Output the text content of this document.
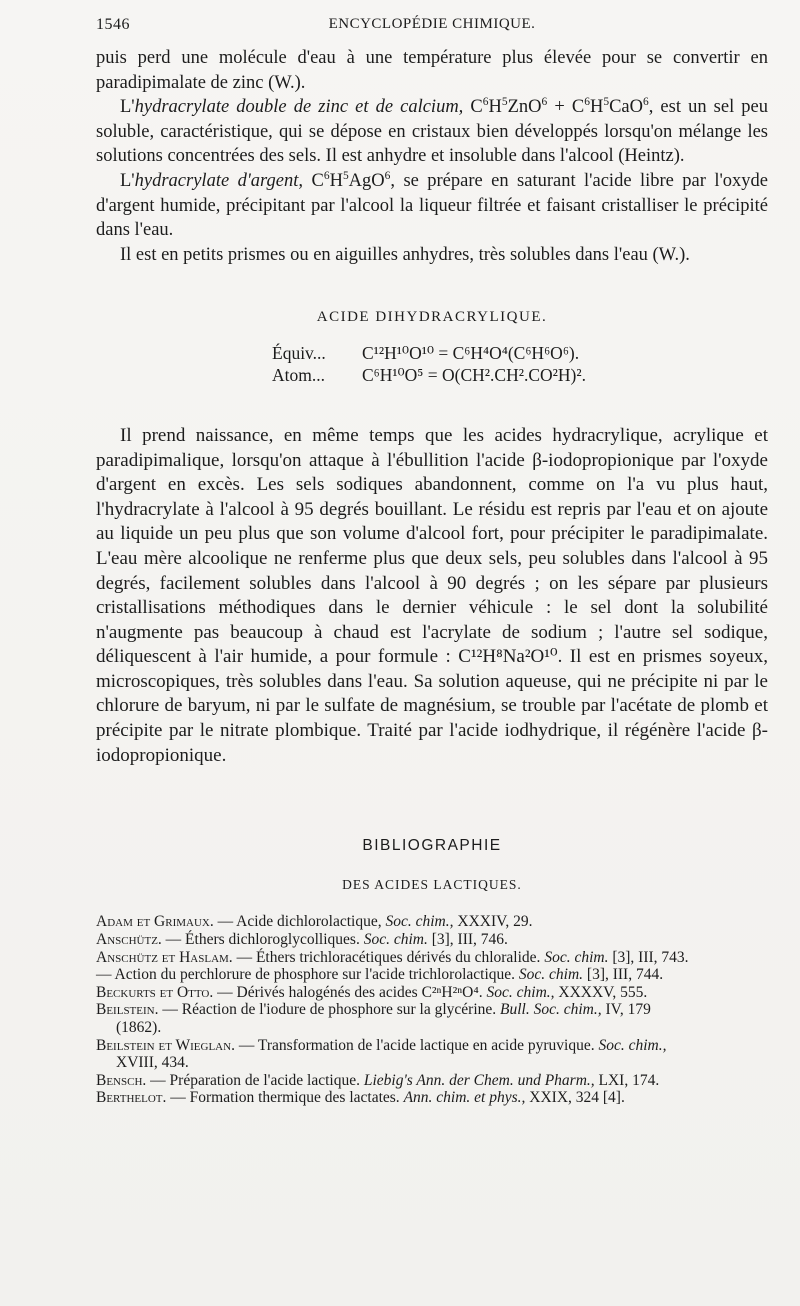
1546	ENCYCLOPÉDIE CHIMIQUE.

puis perd une molécule d'eau à une température plus élevée pour se convertir en paradipimalate de zinc (W.).

L'hydracrylate double de zinc et de calcium, $C^6H^5ZnO^6 + C^6H^5CaO^6$, est un sel peu soluble, caractéristique, qui se dépose en cristaux bien développés lorsqu'on mélange les solutions concentrées des sels. Il est anhydre et insoluble dans l'alcool (Heintz).

L'hydracrylate d'argent, $C^6H^5AgO^6$, se prépare en saturant l'acide libre par l'oxyde d'argent humide, précipitant par l'alcool la liqueur filtrée et faisant cristalliser le précipité dans l'eau.

Il est en petits prismes ou en aiguilles anhydres, très solubles dans l'eau (W.).

ACIDE DIHYDRACRYLIQUE.
Équiv... C¹²H¹⁰O¹⁰ = C⁶H⁴O⁴(C⁶H⁶O⁶).
Atom... C⁶H¹⁰O⁵ = O(CH².CH².CO²H)².

Il prend naissance, en même temps que les acides hydracrylique, acrylique et paradipimalique, lorsqu'on attaque à l'ébullition l'acide β-iodopropionique par l'oxyde d'argent en excès. Les sels sodiques abandonnent, comme on l'a vu plus haut, l'hydracrylate à l'alcool à 95 degrés bouillant. Le résidu est repris par l'eau et on ajoute au liquide un peu plus que son volume d'alcool fort, pour précipiter le paradipimalate. L'eau mère alcoolique ne renferme plus que deux sels, peu solubles dans l'alcool à 95 degrés, facilement solubles dans l'alcool à 90 degrés ; on les sépare par plusieurs cristallisations méthodiques dans le dernier véhicule : le sel dont la solubilité n'augmente pas beaucoup à chaud est l'acrylate de sodium ; l'autre sel sodique, déliquescent à l'air humide, a pour formule : C¹²H⁸Na²O¹⁰. Il est en prismes soyeux, microscopiques, très solubles dans l'eau. Sa solution aqueuse, qui ne précipite ni par le chlorure de baryum, ni par le sulfate de magnésium, se trouble par l'acétate de plomb et précipite par le nitrate plombique. Traité par l'acide iodhydrique, il régénère l'acide β-iodopropionique.

BIBLIOGRAPHIE
DES ACIDES LACTIQUES.

Adam et Grimaux. — Acide dichlorolactique, Soc. chim., XXXIV, 29.

Anschütz. — Éthers dichloroglycolliques. Soc. chim. [3], III, 746.

Anschütz et Haslam. — Éthers trichloracétiques dérivés du chloralide. Soc. chim. [3], III, 743.

— Action du perchlorure de phosphore sur l'acide trichlorolactique. Soc. chim. [3], III, 744.

Beckurts et Otto. — Dérivés halogénés des acides C²ⁿH²ⁿO⁴. Soc. chim., XXXXV, 555.

Beilstein. — Réaction de l'iodure de phosphore sur la glycérine. Bull. Soc. chim., IV, 179
(1862).

Beilstein et Wieglan. — Transformation de l'acide lactique en acide pyruvique. Soc. chim.,
XVIII, 434.

Bensch. — Préparation de l'acide lactique. Liebig's Ann. der Chem. und Pharm., LXI, 174.

Berthelot. — Formation thermique des lactates. Ann. chim. et phys., XXIX, 324 [4].
